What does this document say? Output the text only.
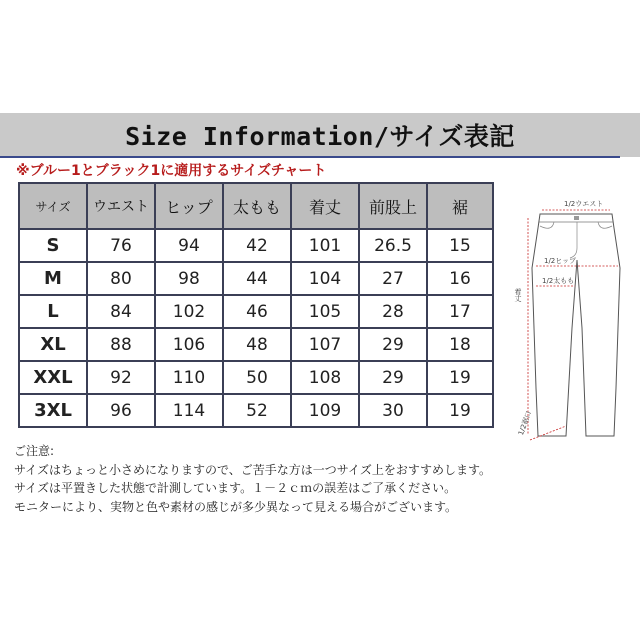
Size Information/サイズ表記
※ブルー1とブラック1に適用するサイズチャート
サイズ	ウエスト	ヒップ	太もも	着丈	前股上	裾
S	76	94	42	101	26.5	15
M	80	98	44	104	27	16
L	84	102	46	105	28	17
XL	88	106	48	107	29	18
XXL	92	110	50	108	29	19
3XL	96	114	52	109	30	19
ご注意:
サイズはちょっと小さめになりますので、ご苦手な方は一つサイズ上をおすすめします。
サイズは平置きした状態で計測しています。１－２ｃｍの誤差はご了承ください。
モニターにより、実物と色や素材の感じが多少異なって見える場合がございます。
1/2ウエスト
1/2ヒップ
1/2太もも
着丈
1/2裾口
